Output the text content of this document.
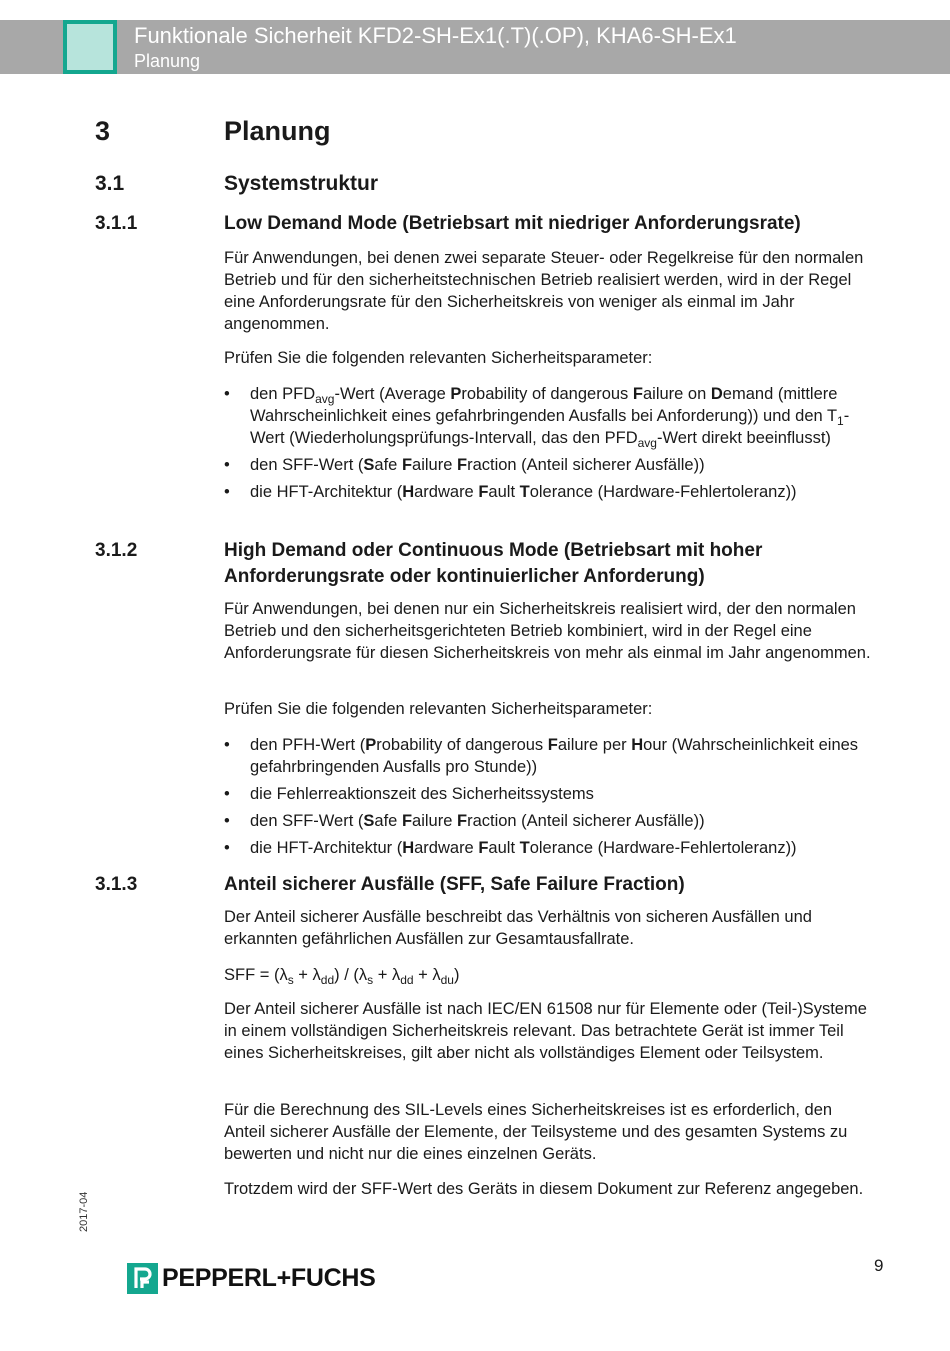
Funktionale Sicherheit KFD2-SH-Ex1(.T)(.OP), KHA6-SH-Ex1
Planung
3	Planung
3.1	Systemstruktur
3.1.1	Low Demand Mode (Betriebsart mit niedriger Anforderungsrate)

Für Anwendungen, bei denen zwei separate Steuer- oder Regelkreise für den normalen Betrieb und für den sicherheitstechnischen Betrieb realisiert werden, wird in der Regel eine Anforderungsrate für den Sicherheitskreis von weniger als einmal im Jahr angenommen.

Prüfen Sie die folgenden relevanten Sicherheitsparameter:

• den $PFD_{avg}$-Wert (Average Probability of dangerous Failure on Demand (mittlere Wahrscheinlichkeit eines gefahrbringenden Ausfalls bei Anforderung)) und den $T_1$-Wert (Wiederholungsprüfungs-Intervall, das den $PFD_{avg}$-Wert direkt beeinflusst)
• den SFF-Wert (Safe Failure Fraction (Anteil sicherer Ausfälle))
• die HFT-Architektur (Hardware Fault Tolerance (Hardware-Fehlertoleranz))
3.1.2	High Demand oder Continuous Mode (Betriebsart mit hoher Anforderungsrate oder kontinuierlicher Anforderung)

Für Anwendungen, bei denen nur ein Sicherheitskreis realisiert wird, der den normalen Betrieb und den sicherheitsgerichteten Betrieb kombiniert, wird in der Regel eine Anforderungsrate für diesen Sicherheitskreis von mehr als einmal im Jahr angenommen.

Prüfen Sie die folgenden relevanten Sicherheitsparameter:

• den PFH-Wert (Probability of dangerous Failure per Hour (Wahrscheinlichkeit eines gefahrbringenden Ausfalls pro Stunde))
• die Fehlerreaktionszeit des Sicherheitssystems
• den SFF-Wert (Safe Failure Fraction (Anteil sicherer Ausfälle))
• die HFT-Architektur (Hardware Fault Tolerance (Hardware-Fehlertoleranz))
3.1.3	Anteil sicherer Ausfälle (SFF, Safe Failure Fraction)

Der Anteil sicherer Ausfälle beschreibt das Verhältnis von sicheren Ausfällen und erkannten gefährlichen Ausfällen zur Gesamtausfallrate.

SFF = $(\lambda_s + \lambda_{dd}) / (\lambda_s + \lambda_{dd} + \lambda_{du})$

Der Anteil sicherer Ausfälle ist nach IEC/EN 61508 nur für Elemente oder (Teil-)Systeme in einem vollständigen Sicherheitskreis relevant. Das betrachtete Gerät ist immer Teil eines Sicherheitskreises, gilt aber nicht als vollständiges Element oder Teilsystem.

Für die Berechnung des SIL-Levels eines Sicherheitskreises ist es erforderlich, den Anteil sicherer Ausfälle der Elemente, der Teilsysteme und des gesamten Systems zu bewerten und nicht nur die eines einzelnen Geräts.

Trotzdem wird der SFF-Wert des Geräts in diesem Dokument zur Referenz angegeben.

2017-04
PEPPERL+FUCHS	9
